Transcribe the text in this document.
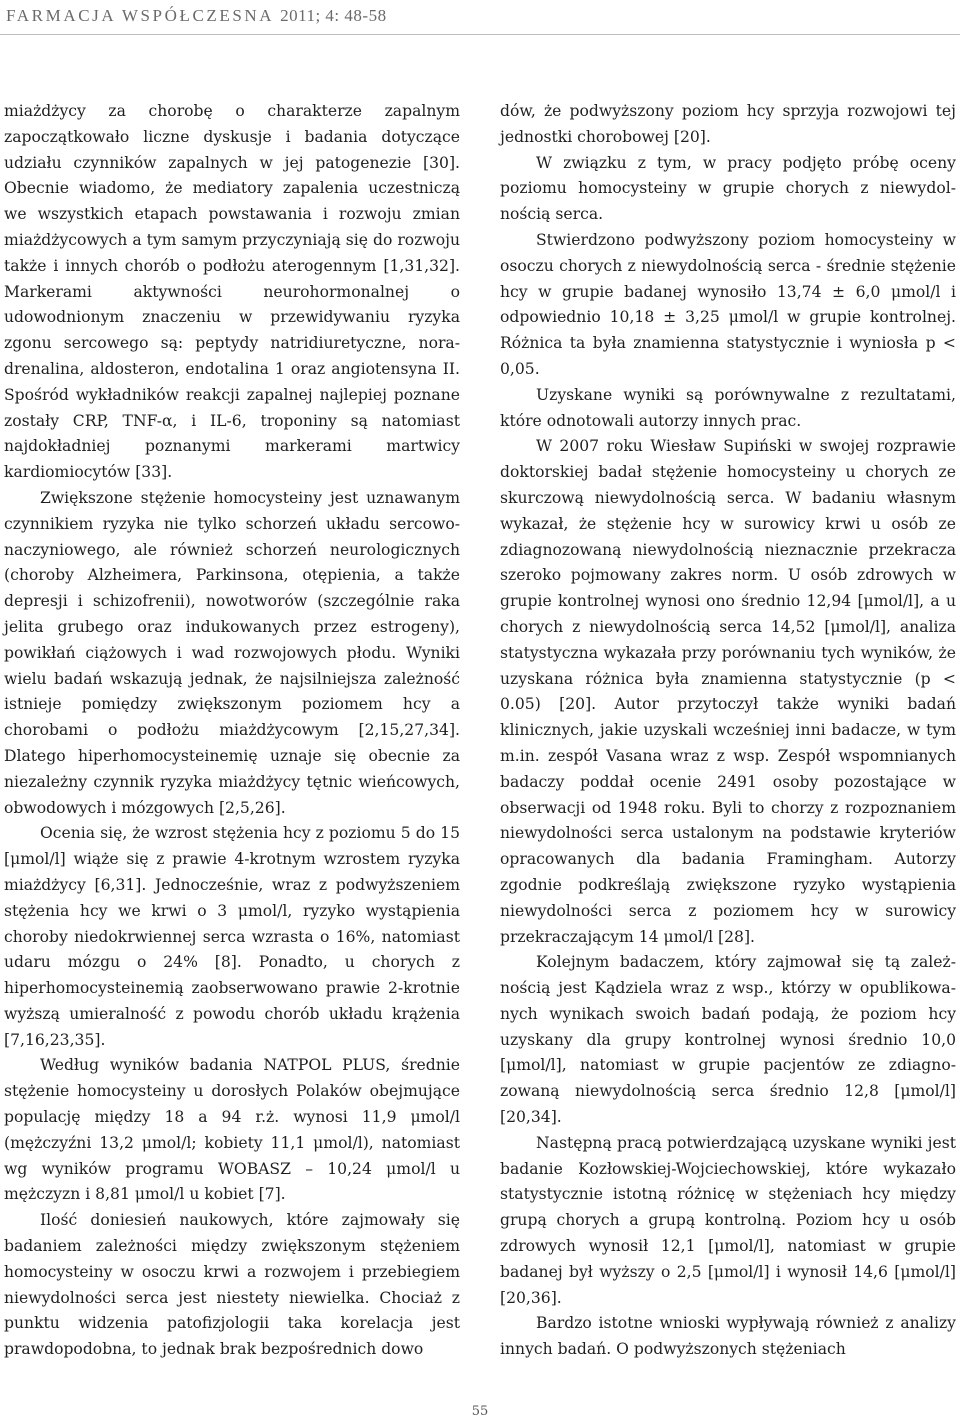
FARMACJA WSPÓŁCZESNA 2011; 4: 48-58

miażdżycy za chorobę o charakterze zapalnym zapoczątkowało liczne dyskusje i badania dotyczące udziału czynników zapalnych w jej patogenezie [30]. Obecnie wiadomo, że mediatory zapalenia uczestniczą we wszystkich etapach powstawania i rozwoju zmian miażdżycowych a tym samym przyczyniają się do rozwoju także i innych chorób o podłożu aterogennym [1,31,32]. Markerami aktywności neurohormonalnej o udowodnionym znaczeniu w przewidywaniu ryzyka zgonu sercowego są: peptydy natridiuretyczne, noradrenalina, aldosteron, endotalina 1 oraz angiotensyna II. Spośród wykładników reakcji zapalnej najlepiej poznane zostały CRP, TNF-α, i IL-6, troponiny są natomiast najdokładniej poznanymi markerami martwicy kardiomiocytów [33].

Zwiększone stężenie homocysteiny jest uznawanym czynnikiem ryzyka nie tylko schorzeń układu sercowo-naczyniowego, ale również schorzeń neurologicznych (choroby Alzheimera, Parkinsona, otępienia, a także depresji i schizofrenii), nowotworów (szczególnie raka jelita grubego oraz indukowanych przez estrogeny), powikłań ciążowych i wad rozwojowych płodu. Wyniki wielu badań wskazują jednak, że najsilniejsza zależność istnieje pomiędzy zwiększonym poziomem hcy a chorobami o podłożu miażdżycowym [2,15,27,34]. Dlatego hiperhomocysteinemię uznaje się obecnie za niezależny czynnik ryzyka miażdżycy tętnic wieńcowych, obwodowych i mózgowych [2,5,26].

Ocenia się, że wzrost stężenia hcy z poziomu 5 do 15 [μmol/l] wiąże się z prawie 4-krotnym wzrostem ryzyka miażdżycy [6,31]. Jednocześnie, wraz z podwyższeniem stężenia hcy we krwi o 3 μmol/l, ryzyko wystąpienia choroby niedokrwiennej serca wzrasta o 16%, natomiast udaru mózgu o 24% [8]. Ponadto, u chorych z hiperhomocysteinemią zaobserwowano prawie 2-krotnie wyższą umieralność z powodu chorób układu krążenia [7,16,23,35].

Według wyników badania NATPOL PLUS, średnie stężenie homocysteiny u dorosłych Polaków obejmujące populację między 18 a 94 r.ż. wynosi 11,9 μmol/l (mężczyźni 13,2 μmol/l; kobiety 11,1 μmol/l), natomiast wg wyników programu WOBASZ – 10,24 μmol/l u mężczyzn i 8,81 μmol/l u kobiet [7].

Ilość doniesień naukowych, które zajmowały się badaniem zależności między zwiększonym stężeniem homocysteiny w osoczu krwi a rozwojem i przebiegiem niewydolności serca jest niestety niewielka. Chociaż z punktu widzenia patofizjologii taka korelacja jest prawdopodobna, to jednak brak bezpośrednich dowo

dów, że podwyższony poziom hcy sprzyja rozwojowi tej jednostki chorobowej [20].

W związku z tym, w pracy podjęto próbę oceny poziomu homocysteiny w grupie chorych z niewydolnością serca.

Stwierdzono podwyższony poziom homocysteiny w osoczu chorych z niewydolnością serca - średnie stężenie hcy w grupie badanej wynosiło 13,74 ± 6,0 μmol/l i odpowiednio 10,18 ± 3,25 μmol/l w grupie kontrolnej. Różnica ta była znamienna statystycznie i wyniosła p < 0,05.

Uzyskane wyniki są porównywalne z rezultatami, które odnotowali autorzy innych prac.

W 2007 roku Wiesław Supiński w swojej rozprawie doktorskiej badał stężenie homocysteiny u chorych ze skurczową niewydolnością serca. W badaniu własnym wykazał, że stężenie hcy w surowicy krwi u osób ze zdiagnozowaną niewydolnością nieznacznie przekracza szeroko pojmowany zakres norm. U osób zdrowych w grupie kontrolnej wynosi ono średnio 12,94 [μmol/l], a u chorych z niewydolnością serca 14,52 [μmol/l], analiza statystyczna wykazała przy porównaniu tych wyników, że uzyskana różnica była znamienna statystycznie (p < 0.05) [20]. Autor przytoczył także wyniki badań klinicznych, jakie uzyskali wcześniej inni badacze, w tym m.in. zespół Vasana wraz z wsp. Zespół wspomnianych badaczy poddał ocenie 2491 osoby pozostające w obserwacji od 1948 roku. Byli to chorzy z rozpoznaniem niewydolności serca ustalonym na podstawie kryteriów opracowanych dla badania Framingham. Autorzy zgodnie podkreślają zwiększone ryzyko wystąpienia niewydolności serca z poziomem hcy w surowicy przekraczającym 14 μmol/l [28].

Kolejnym badaczem, który zajmował się tą zależnością jest Kądziela wraz z wsp., którzy w opublikowanych wynikach swoich badań podają, że poziom hcy uzyskany dla grupy kontrolnej wynosi średnio 10,0 [μmol/l], natomiast w grupie pacjentów ze zdiagnozowaną niewydolnością serca średnio 12,8 [μmol/l] [20,34].

Następną pracą potwierdzającą uzyskane wyniki jest badanie Kozłowskiej-Wojciechowskiej, które wykazało statystycznie istotną różnicę w stężeniach hcy między grupą chorych a grupą kontrolną. Poziom hcy u osób zdrowych wynosił 12,1 [μmol/l], natomiast w grupie badanej był wyższy o 2,5 [μmol/l] i wynosił 14,6 [μmol/l] [20,36].

Bardzo istotne wnioski wypływają również z analizy innych badań. O podwyższonych stężeniach

55
